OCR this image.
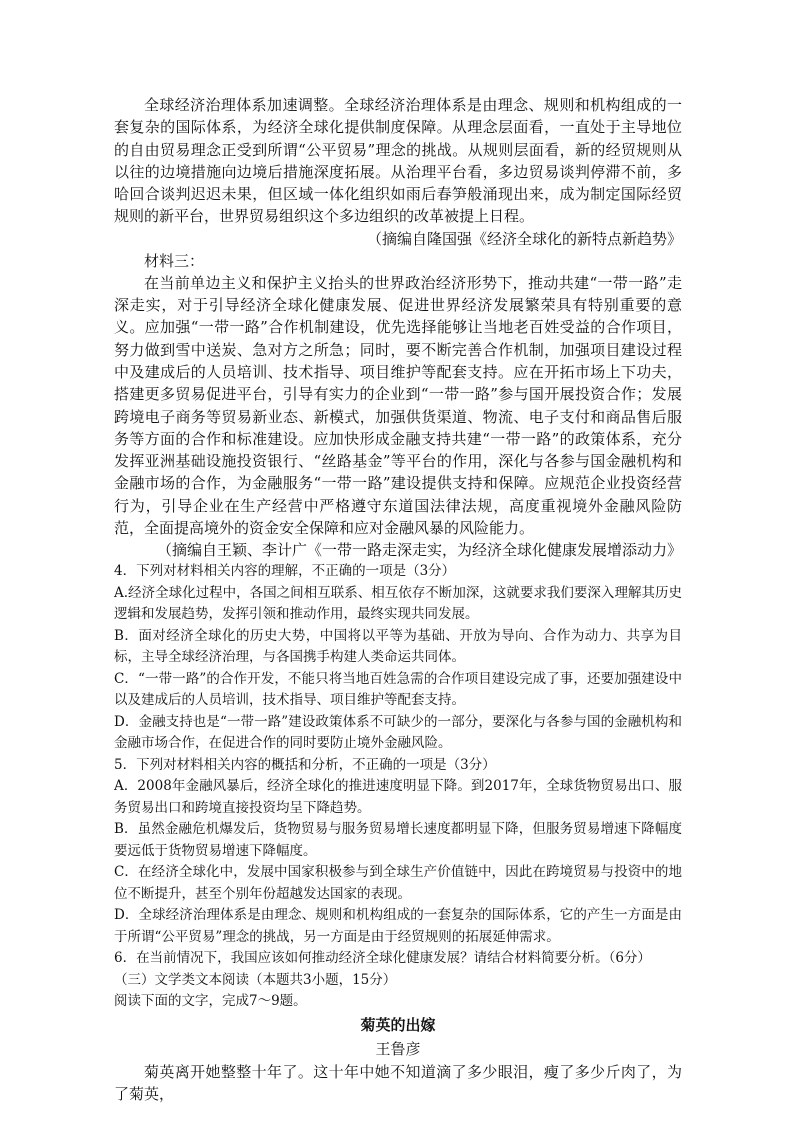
全球经济治理体系加速调整。全球经济治理体系是由理念、规则和机构组成的一套复杂的国际体系，为经济全球化提供制度保障。从理念层面看，一直处于主导地位的自由贸易理念正受到所谓“公平贸易”理念的挑战。从规则层面看，新的经贸规则从以往的边境措施向边境后措施深度拓展。从治理平台看，多边贸易谈判停滞不前，多哈回合谈判迟迟未果，但区域一体化组织如雨后春笋般涌现出来，成为制定国际经贸规则的新平台，世界贸易组织这个多边组织的改革被提上日程。

（摘编自隆国强《经济全球化的新特点新趋势》

材料三：

在当前单边主义和保护主义抬头的世界政治经济形势下，推动共建“一带一路”走深走实，对于引导经济全球化健康发展、促进世界经济发展繁荣具有特别重要的意义。应加强“一带一路”合作机制建设，优先选择能够让当地老百姓受益的合作项目，努力做到雪中送炭、急对方之所急；同时，要不断完善合作机制，加强项目建设过程中及建成后的人员培训、技术指导、项目维护等配套支持。应在开拓市场上下功夫，搭建更多贸易促进平台，引导有实力的企业到“一带一路”参与国开展投资合作；发展跨境电子商务等贸易新业态、新模式，加强供货渠道、物流、电子支付和商品售后服务等方面的合作和标准建设。应加快形成金融支持共建“一带一路”的政策体系，充分发挥亚洲基础设施投资银行、“丝路基金”等平台的作用，深化与各参与国金融机构和金融市场的合作，为金融服务“一带一路”建设提供支持和保障。应规范企业投资经营行为，引导企业在生产经营中严格遵守东道国法律法规，高度重视境外金融风险防范，全面提高境外的资金安全保障和应对金融风暴的风险能力。

（摘编自王颖、李计广《一带一路走深走实，为经济全球化健康发展增添动力》

4．下列对材料相关内容的理解，不正确的一项是（3分）

A.经济全球化过程中，各国之间相互联系、相互依存不断加深，这就要求我们要深入理解其历史逻辑和发展趋势，发挥引领和推动作用，最终实现共同发展。

B．面对经济全球化的历史大势，中国将以平等为基础、开放为导向、合作为动力、共享为目标，主导全球经济治理，与各国携手构建人类命运共同体。

C．“一带一路”的合作开发，不能只将当地百姓急需的合作项目建设完成了事，还要加强建设中以及建成后的人员培训，技术指导、项目维护等配套支持。

D．金融支持也是“一带一路”建设政策体系不可缺少的一部分，要深化与各参与国的金融机构和金融市场合作，在促进合作的同时要防止境外金融风险。

5．下列对材料相关内容的概括和分析，不正确的一项是（3分）

A．2008年金融风暴后，经济全球化的推进速度明显下降。到2017年，全球货物贸易出口、服务贸易出口和跨境直接投资均呈下降趋势。

B．虽然金融危机爆发后，货物贸易与服务贸易增长速度都明显下降，但服务贸易增速下降幅度要远低于货物贸易增速下降幅度。

C．在经济全球化中，发展中国家积极参与到全球生产价值链中，因此在跨境贸易与投资中的地位不断提升，甚至个别年份超越发达国家的表现。

D．全球经济治理体系是由理念、规则和机构组成的一套复杂的国际体系，它的产生一方面是由于所谓“公平贸易”理念的挑战，另一方面是由于经贸规则的拓展延伸需求。

6．在当前情况下，我国应该如何推动经济全球化健康发展？请结合材料简要分析。（6分）

（三）文学类文本阅读（本题共3小题，15分）

阅读下面的文字，完成7～9题。

菊英的出嫁

王鲁彦

菊英离开她整整十年了。这十年中她不知道滴了多少眼泪，瘦了多少斤肉了，为了菊英，
